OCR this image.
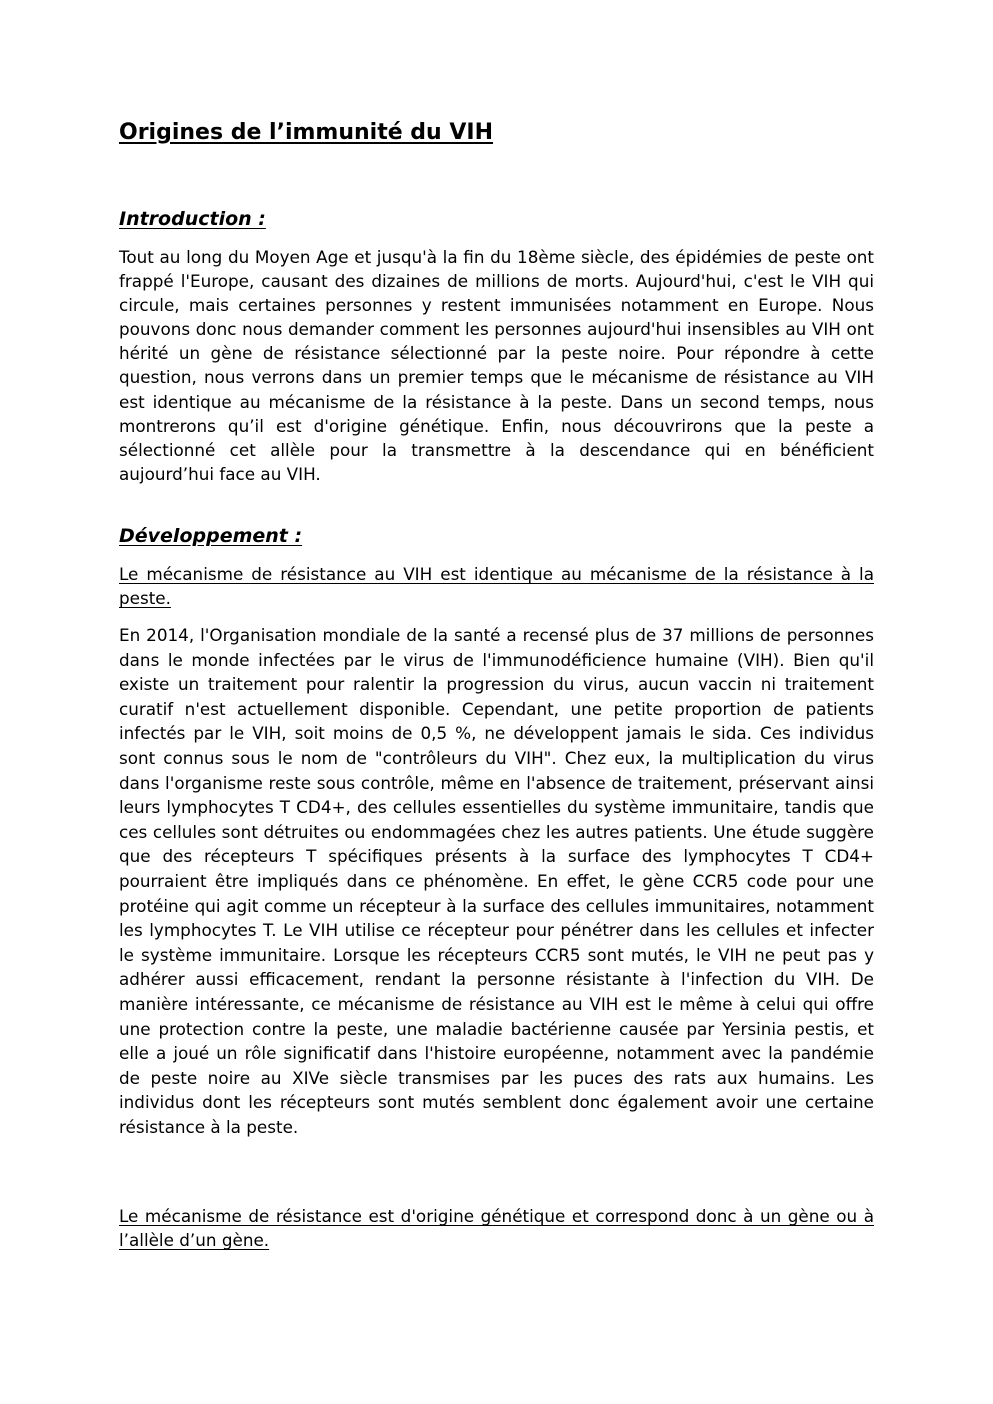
Origines de l’immunité du VIH
Introduction :

Tout au long du Moyen Age et jusqu'à la fin du 18ème siècle, des épidémies de peste ont frappé l'Europe, causant des dizaines de millions de morts. Aujourd'hui, c'est le VIH qui circule, mais certaines personnes y restent immunisées notamment en Europe. Nous pouvons donc nous demander comment les personnes aujourd'hui insensibles au VIH ont hérité un gène de résistance sélectionné par la peste noire. Pour répondre à cette question, nous verrons dans un premier temps que le mécanisme de résistance au VIH est identique au mécanisme de la résistance à la peste. Dans un second temps, nous montrerons qu’il est d'origine génétique. Enfin, nous découvrirons que la peste a sélectionné cet allèle pour la transmettre à la descendance qui en bénéficient aujourd’hui face au VIH.

Développement :

Le mécanisme de résistance au VIH est identique au mécanisme de la résistance à la peste.

En 2014, l'Organisation mondiale de la santé a recensé plus de 37 millions de personnes dans le monde infectées par le virus de l'immunodéficience humaine (VIH). Bien qu'il existe un traitement pour ralentir la progression du virus, aucun vaccin ni traitement curatif n'est actuellement disponible. Cependant, une petite proportion de patients infectés par le VIH, soit moins de 0,5 %, ne développent jamais le sida. Ces individus sont connus sous le nom de "contrôleurs du VIH". Chez eux, la multiplication du virus dans l'organisme reste sous contrôle, même en l'absence de traitement, préservant ainsi leurs lymphocytes T CD4+, des cellules essentielles du système immunitaire, tandis que ces cellules sont détruites ou endommagées chez les autres patients. Une étude suggère que des récepteurs T spécifiques présents à la surface des lymphocytes T CD4+ pourraient être impliqués dans ce phénomène. En effet, le gène CCR5 code pour une protéine qui agit comme un récepteur à la surface des cellules immunitaires, notamment les lymphocytes T. Le VIH utilise ce récepteur pour pénétrer dans les cellules et infecter le système immunitaire. Lorsque les récepteurs CCR5 sont mutés, le VIH ne peut pas y adhérer aussi efficacement, rendant la personne résistante à l'infection du VIH. De manière intéressante, ce mécanisme de résistance au VIH est le même à celui qui offre une protection contre la peste, une maladie bactérienne causée par Yersinia pestis, et elle a joué un rôle significatif dans l'histoire européenne, notamment avec la pandémie de peste noire au XIVe siècle transmises par les puces des rats aux humains. Les individus dont les récepteurs sont mutés semblent donc également avoir une certaine résistance à la peste.

Le mécanisme de résistance est d'origine génétique et correspond donc à un gène ou à l’allèle d’un gène.
